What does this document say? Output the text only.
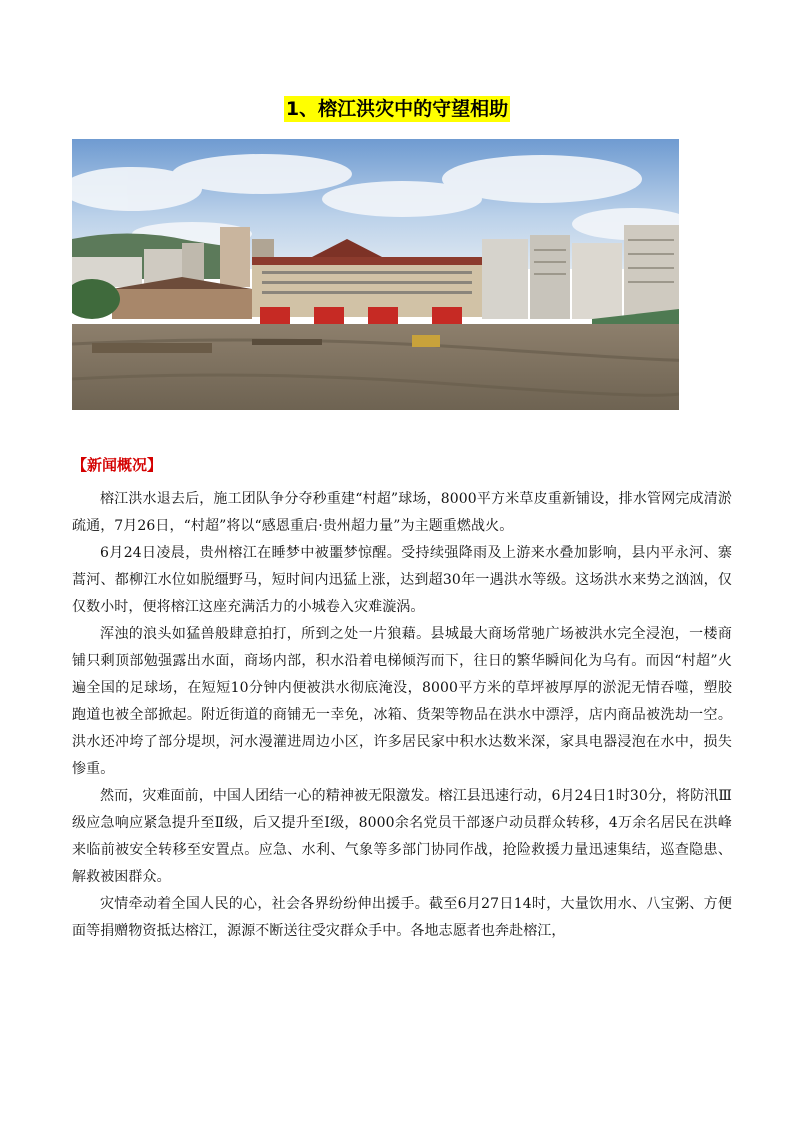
1、榕江洪灾中的守望相助
【新闻概况】

榕江洪水退去后，施工团队争分夺秒重建“村超”球场，8000平方米草皮重新铺设，排水管网完成清淤疏通，7月26日，“村超”将以“感恩重启·贵州超力量”为主题重燃战火。

6月24日凌晨，贵州榕江在睡梦中被噩梦惊醒。受持续强降雨及上游来水叠加影响，县内平永河、寨蒿河、都柳江水位如脱缰野马，短时间内迅猛上涨，达到超30年一遇洪水等级。这场洪水来势之汹汹，仅仅数小时，便将榕江这座充满活力的小城卷入灾难漩涡。

浑浊的浪头如猛兽般肆意拍打，所到之处一片狼藉。县城最大商场常驰广场被洪水完全浸泡，一楼商铺只剩顶部勉强露出水面，商场内部，积水沿着电梯倾泻而下，往日的繁华瞬间化为乌有。而因“村超”火遍全国的足球场，在短短10分钟内便被洪水彻底淹没，8000平方米的草坪被厚厚的淤泥无情吞噬，塑胶跑道也被全部掀起。附近街道的商铺无一幸免，冰箱、货架等物品在洪水中漂浮，店内商品被洗劫一空。洪水还冲垮了部分堤坝，河水漫灌进周边小区，许多居民家中积水达数米深，家具电器浸泡在水中，损失惨重。

然而，灾难面前，中国人团结一心的精神被无限激发。榕江县迅速行动，6月24日1时30分，将防汛Ⅲ级应急响应紧急提升至Ⅱ级，后又提升至Ⅰ级，8000余名党员干部逐户动员群众转移，4万余名居民在洪峰来临前被安全转移至安置点。应急、水利、气象等多部门协同作战，抢险救援力量迅速集结，巡查隐患、解救被困群众。

灾情牵动着全国人民的心，社会各界纷纷伸出援手。截至6月27日14时，大量饮用水、八宝粥、方便面等捐赠物资抵达榕江，源源不断送往受灾群众手中。各地志愿者也奔赴榕江，
